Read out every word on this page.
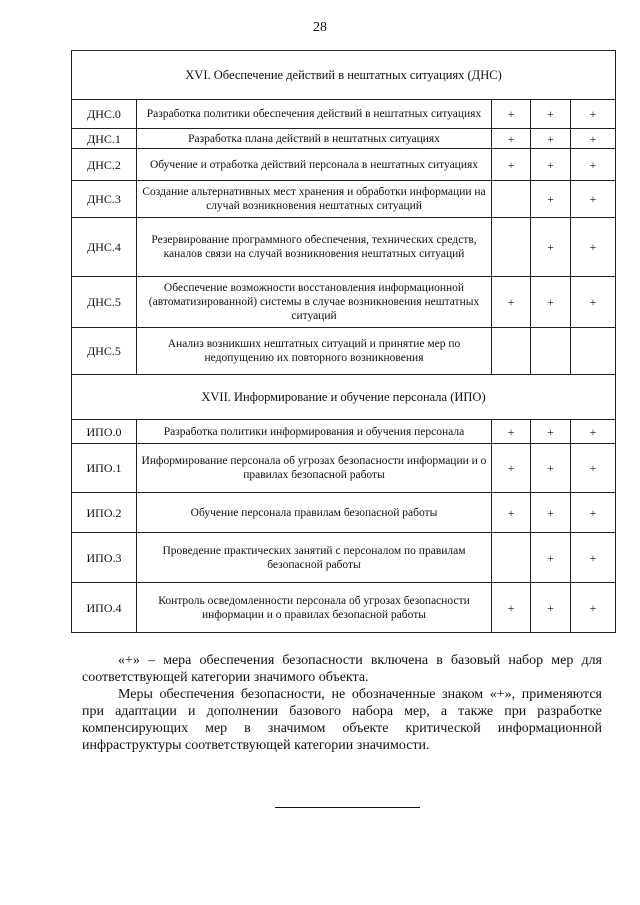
28
XVI. Обеспечение действий в нештатных ситуациях (ДНС)				
ДНС.0	Разработка политики обеспечения действий в нештатных ситуациях	+	+	+
ДНС.1	Разработка плана действий в нештатных ситуациях	+	+	+
ДНС.2	Обучение и отработка действий персонала в нештатных ситуациях	+	+	+
ДНС.3	Создание альтернативных мест хранения и обработки информации на случай возникновения нештатных ситуаций		+	+
ДНС.4	Резервирование программного обеспечения, технических средств, каналов связи на случай возникновения нештатных ситуаций		+	+
ДНС.5	Обеспечение возможности восстановления информационной (автоматизированной) системы в случае возникновения нештатных ситуаций	+	+	+
ДНС.5	Анализ возникших нештатных ситуаций и принятие мер по недопущению их повторного возникновения			
XVII. Информирование и обучение персонала (ИПО)				
ИПО.0	Разработка политики информирования и обучения персонала	+	+	+
ИПО.1	Информирование персонала об угрозах безопасности информации и о правилах безопасной работы	+	+	+
ИПО.2	Обучение персонала правилам безопасной работы	+	+	+
ИПО.3	Проведение практических занятий с персоналом по правилам безопасной работы		+	+
ИПО.4	Контроль осведомленности персонала об угрозах безопасности информации и о правилах безопасной работы	+	+	+

«+» – мера обеспечения безопасности включена в базовый набор мер для соответствующей категории значимого объекта.

Меры обеспечения безопасности, не обозначенные знаком «+», применяются при адаптации и дополнении базового набора мер, а также при разработке компенсирующих мер в значимом объекте критической информационной инфраструктуры соответствующей категории значимости.
